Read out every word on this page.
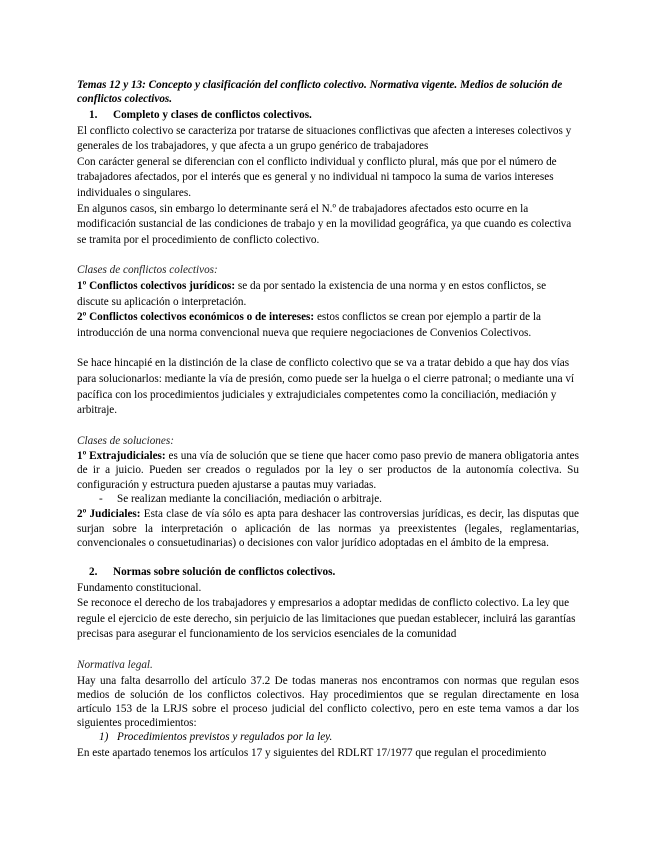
Temas 12 y 13: Concepto y clasificación del conflicto colectivo. Normativa vigente. Medios de solución de conflictos colectivos.

1. Completo y clases de conflictos colectivos.

El conflicto colectivo se caracteriza por tratarse de situaciones conflictivas que afecten a intereses colectivos y generales de los trabajadores, y que afecta a un grupo genérico de trabajadores

Con carácter general se diferencian con el conflicto individual y conflicto plural, más que por el número de trabajadores afectados, por el interés que es general y no individual ni tampoco la suma de varios intereses individuales o singulares.

En algunos casos, sin embargo lo determinante será el N.º de trabajadores afectados esto ocurre en la modificación sustancial de las condiciones de trabajo y en la movilidad geográfica, ya que cuando es colectiva se tramita por el procedimiento de conflicto colectivo.

Clases de conflictos colectivos:

1º Conflictos colectivos jurídicos: se da por sentado la existencia de una norma y en estos conflictos, se discute su aplicación o interpretación.

2º Conflictos colectivos económicos o de intereses: estos conflictos se crean por ejemplo a partir de la introducción de una norma convencional nueva que requiere negociaciones de Convenios Colectivos.

Se hace hincapié en la distinción de la clase de conflicto colectivo que se va a tratar debido a que hay dos vías para solucionarlos: mediante la vía de presión, como puede ser la huelga o el cierre patronal; o mediante una ví pacífica con los procedimientos judiciales y extrajudiciales competentes como la conciliación, mediación y arbitraje.

Clases de soluciones:

1º Extrajudiciales: es una vía de solución que se tiene que hacer como paso previo de manera obligatoria antes de ir a juicio. Pueden ser creados o regulados por la ley o ser productos de la autonomía colectiva. Su configuración y estructura pueden ajustarse a pautas muy variadas.

- Se realizan mediante la conciliación, mediación o arbitraje.

2º Judiciales: Esta clase de vía sólo es apta para deshacer las controversias jurídicas, es decir, las disputas que surjan sobre la interpretación o aplicación de las normas ya preexistentes (legales, reglamentarias, convencionales o consuetudinarias) o decisiones con valor jurídico adoptadas en el ámbito de la empresa.

2. Normas sobre solución de conflictos colectivos.

Fundamento constitucional.

Se reconoce el derecho de los trabajadores y empresarios a adoptar medidas de conflicto colectivo. La ley que regule el ejercicio de este derecho, sin perjuicio de las limitaciones que puedan establecer, incluirá las garantías precisas para asegurar el funcionamiento de los servicios esenciales de la comunidad

Normativa legal.

Hay una falta desarrollo del artículo 37.2 De todas maneras nos encontramos con normas que regulan esos medios de solución de los conflictos colectivos. Hay procedimientos que se regulan directamente en losa artículo 153 de la LRJS sobre el proceso judicial del conflicto colectivo, pero en este tema vamos a dar los siguientes procedimientos:

1) Procedimientos previstos y regulados por la ley.

En este apartado tenemos los artículos 17 y siguientes del RDLRT 17/1977 que regulan el procedimiento
